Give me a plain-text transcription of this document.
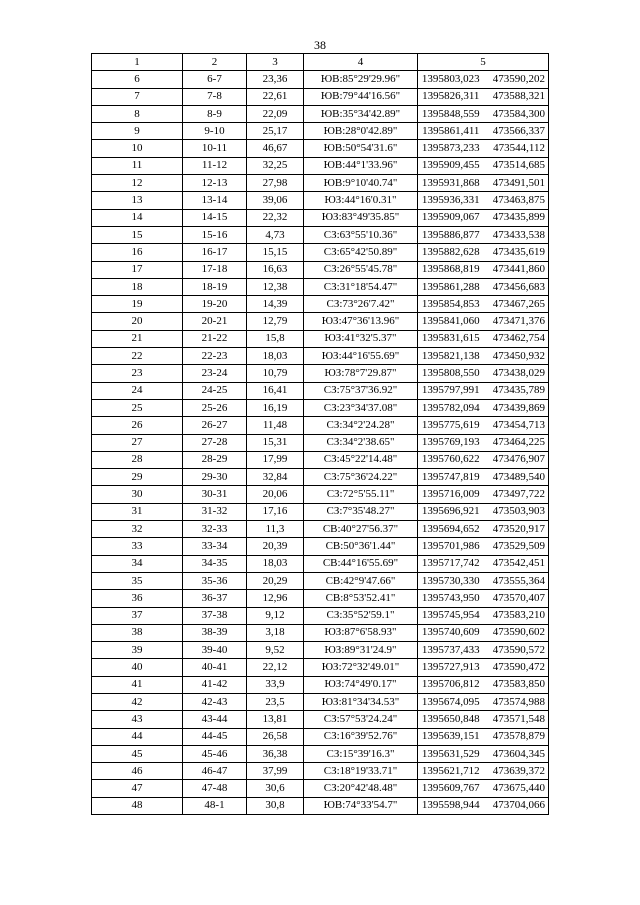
38
1	2	3	4	5	
6	6-7	23,36	ЮВ:85°29'29.96"	1395803,023	473590,202
7	7-8	22,61	ЮВ:79°44'16.56"	1395826,311	473588,321
8	8-9	22,09	ЮВ:35°34'42.89"	1395848,559	473584,300
9	9-10	25,17	ЮВ:28°0'42.89"	1395861,411	473566,337
10	10-11	46,67	ЮВ:50°54'31.6"	1395873,233	473544,112
11	11-12	32,25	ЮВ:44°1'33.96"	1395909,455	473514,685
12	12-13	27,98	ЮВ:9°10'40.74"	1395931,868	473491,501
13	13-14	39,06	ЮЗ:44°16'0.31"	1395936,331	473463,875
14	14-15	22,32	ЮЗ:83°49'35.85"	1395909,067	473435,899
15	15-16	4,73	СЗ:63°55'10.36"	1395886,877	473433,538
16	16-17	15,15	СЗ:65°42'50.89"	1395882,628	473435,619
17	17-18	16,63	СЗ:26°55'45.78"	1395868,819	473441,860
18	18-19	12,38	СЗ:31°18'54.47"	1395861,288	473456,683
19	19-20	14,39	СЗ:73°26'7.42"	1395854,853	473467,265
20	20-21	12,79	ЮЗ:47°36'13.96"	1395841,060	473471,376
21	21-22	15,8	ЮЗ:41°32'5.37"	1395831,615	473462,754
22	22-23	18,03	ЮЗ:44°16'55.69"	1395821,138	473450,932
23	23-24	10,79	ЮЗ:78°7'29.87"	1395808,550	473438,029
24	24-25	16,41	СЗ:75°37'36.92"	1395797,991	473435,789
25	25-26	16,19	СЗ:23°34'37.08"	1395782,094	473439,869
26	26-27	11,48	СЗ:34°2'24.28"	1395775,619	473454,713
27	27-28	15,31	СЗ:34°2'38.65"	1395769,193	473464,225
28	28-29	17,99	СЗ:45°22'14.48"	1395760,622	473476,907
29	29-30	32,84	СЗ:75°36'24.22"	1395747,819	473489,540
30	30-31	20,06	СЗ:72°5'55.11"	1395716,009	473497,722
31	31-32	17,16	СЗ:7°35'48.27"	1395696,921	473503,903
32	32-33	11,3	СВ:40°27'56.37"	1395694,652	473520,917
33	33-34	20,39	СВ:50°36'1.44"	1395701,986	473529,509
34	34-35	18,03	СВ:44°16'55.69"	1395717,742	473542,451
35	35-36	20,29	СВ:42°9'47.66"	1395730,330	473555,364
36	36-37	12,96	СВ:8°53'52.41"	1395743,950	473570,407
37	37-38	9,12	СЗ:35°52'59.1"	1395745,954	473583,210
38	38-39	3,18	ЮЗ:87°6'58.93"	1395740,609	473590,602
39	39-40	9,52	ЮЗ:89°31'24.9"	1395737,433	473590,572
40	40-41	22,12	ЮЗ:72°32'49.01"	1395727,913	473590,472
41	41-42	33,9	ЮЗ:74°49'0.17"	1395706,812	473583,850
42	42-43	23,5	ЮЗ:81°34'34.53"	1395674,095	473574,988
43	43-44	13,81	СЗ:57°53'24.24"	1395650,848	473571,548
44	44-45	26,58	СЗ:16°39'52.76"	1395639,151	473578,879
45	45-46	36,38	СЗ:15°39'16.3"	1395631,529	473604,345
46	46-47	37,99	СЗ:18°19'33.71"	1395621,712	473639,372
47	47-48	30,6	СЗ:20°42'48.48"	1395609,767	473675,440
48	48-1	30,8	ЮВ:74°33'54.7"	1395598,944	473704,066
